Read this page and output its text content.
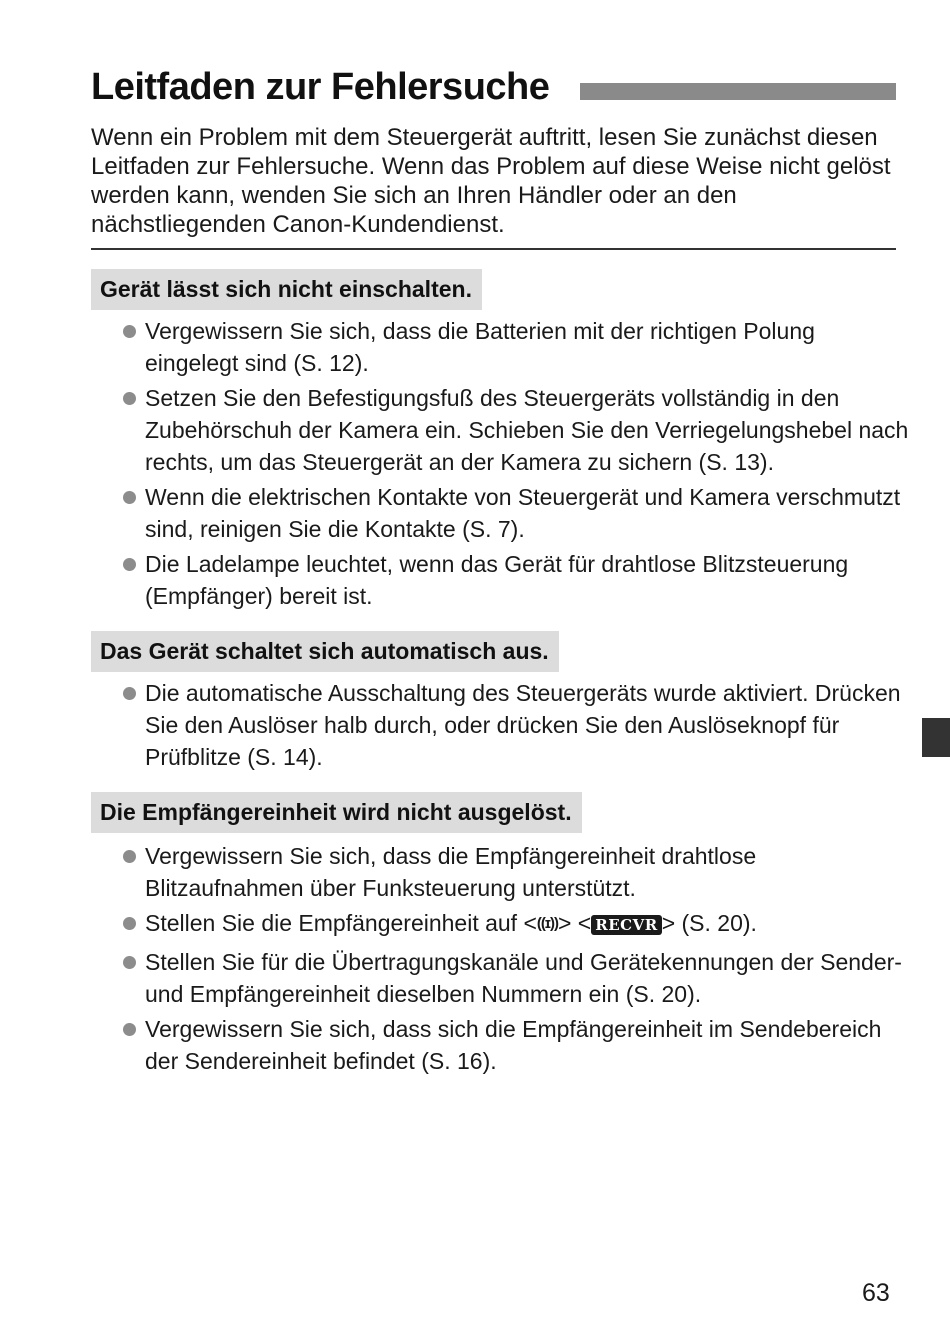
Leitfaden zur Fehlersuche
Wenn ein Problem mit dem Steuergerät auftritt, lesen Sie zunächst diesen Leitfaden zur Fehlersuche. Wenn das Problem auf diese Weise nicht gelöst werden kann, wenden Sie sich an Ihren Händler oder an den nächstliegenden Canon-Kundendienst.
Gerät lässt sich nicht einschalten.
Vergewissern Sie sich, dass die Batterien mit der richtigen Polung eingelegt sind (S. 12).
Setzen Sie den Befestigungsfuß des Steuergeräts vollständig in den Zubehörschuh der Kamera ein. Schieben Sie den Verriegelungshebel nach rechts, um das Steuergerät an der Kamera zu sichern (S. 13).
Wenn die elektrischen Kontakte von Steuergerät und Kamera verschmutzt sind, reinigen Sie die Kontakte (S. 7).
Die Ladelampe leuchtet, wenn das Gerät für drahtlose Blitzsteuerung (Empfänger) bereit ist.
Das Gerät schaltet sich automatisch aus.
Die automatische Ausschaltung des Steuergeräts wurde aktiviert. Drücken Sie den Auslöser halb durch, oder drücken Sie den Auslöseknopf für Prüfblitze (S. 14).
Die Empfängereinheit wird nicht ausgelöst.
Vergewissern Sie sich, dass die Empfängereinheit drahtlose Blitzaufnahmen über Funksteuerung unterstützt.
Stellen Sie die Empfängereinheit auf <((ɪ))> < RECVR > (S. 20).
Stellen Sie für die Übertragungskanäle und Gerätekennungen der Sender- und Empfängereinheit dieselben Nummern ein (S. 20).
Vergewissern Sie sich, dass sich die Empfängereinheit im Sendebereich der Sendereinheit befindet (S. 16).
63
